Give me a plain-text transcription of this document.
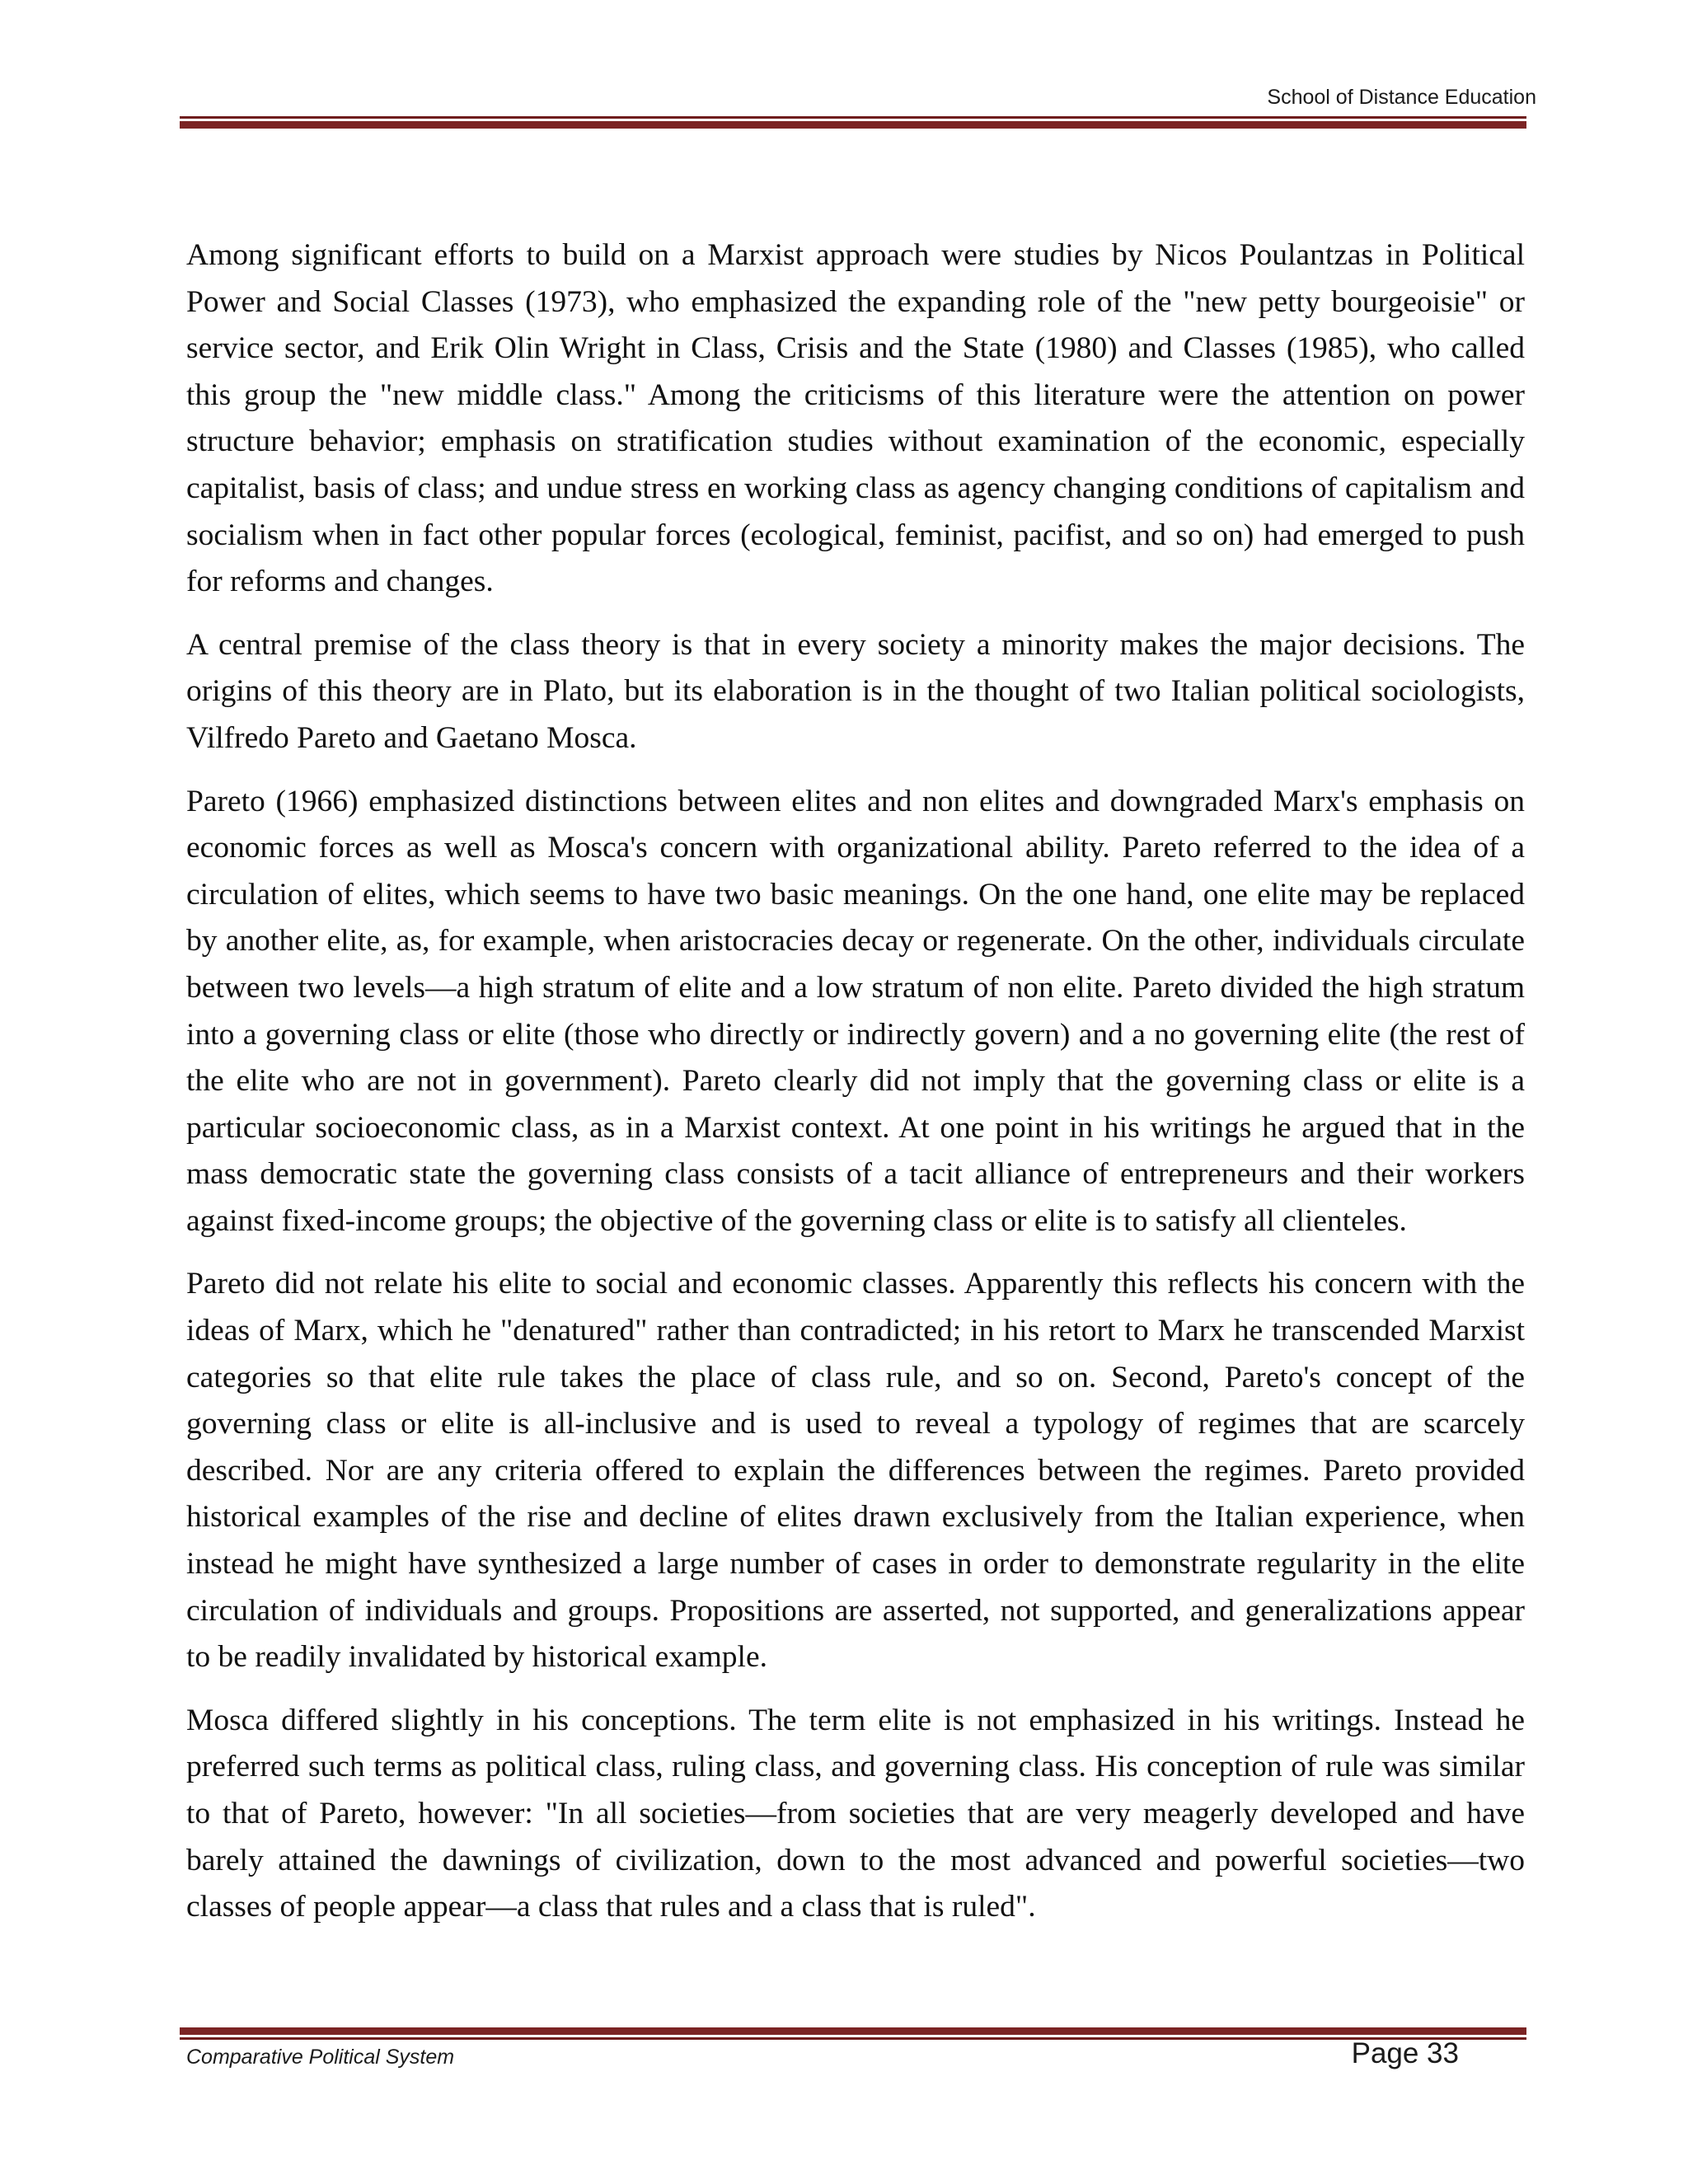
School of Distance Education

Among significant efforts to build on a Marxist approach were studies by Nicos Poulantzas in Political Power and Social Classes (1973), who emphasized the expanding role of the "new petty bourgeoisie" or service sector, and Erik Olin Wright in Class, Crisis and the State (1980) and Classes (1985), who called this group the "new middle class." Among the criticisms of this literature were the attention on power structure behavior; emphasis on stratification studies without examination of the economic, especially capitalist, basis of class; and undue stress en working class as agency changing conditions of capitalism and socialism when in fact other popular forces (ecological, feminist, pacifist, and so on) had emerged to push for reforms and changes.

A central premise of the class theory is that in every society a minority makes the major decisions. The origins of this theory are in Plato, but its elaboration is in the thought of two Italian political sociologists, Vilfredo Pareto and Gaetano Mosca.

Pareto (1966) emphasized distinctions between elites and non elites and downgraded Marx's emphasis on economic forces as well as Mosca's concern with organizational ability. Pareto referred to the idea of a circulation of elites, which seems to have two basic meanings. On the one hand, one elite may be replaced by another elite, as, for example, when aristocracies decay or regenerate. On the other, individuals circulate between two levels—a high stratum of elite and a low stratum of non elite. Pareto divided the high stratum into a governing class or elite (those who directly or indirectly govern) and a no governing elite (the rest of the elite who are not in government). Pareto clearly did not imply that the governing class or elite is a particular socioeconomic class, as in a Marxist context. At one point in his writings he argued that in the mass democratic state the governing class consists of a tacit alliance of entrepreneurs and their workers against fixed-income groups; the objective of the governing class or elite is to satisfy all clienteles.

Pareto did not relate his elite to social and economic classes. Apparently this reflects his concern with the ideas of Marx, which he "denatured" rather than contradicted; in his retort to Marx he transcended Marxist categories so that elite rule takes the place of class rule, and so on. Second, Pareto's concept of the governing class or elite is all-inclusive and is used to reveal a typology of regimes that are scarcely described. Nor are any criteria offered to explain the differences between the regimes. Pareto provided historical examples of the rise and decline of elites drawn exclusively from the Italian experience, when instead he might have synthesized a large number of cases in order to demonstrate regularity in the elite circulation of individuals and groups. Propositions are asserted, not supported, and generalizations appear to be readily invalidated by historical example.

Mosca differed slightly in his conceptions. The term elite is not emphasized in his writings. Instead he preferred such terms as political class, ruling class, and governing class. His conception of rule was similar to that of Pareto, however: "In all societies—from societies that are very meagerly developed and have barely attained the dawnings of civilization, down to the most advanced and powerful societies—two classes of people appear—a class that rules and a class that is ruled".

Comparative Political System	Page 33
